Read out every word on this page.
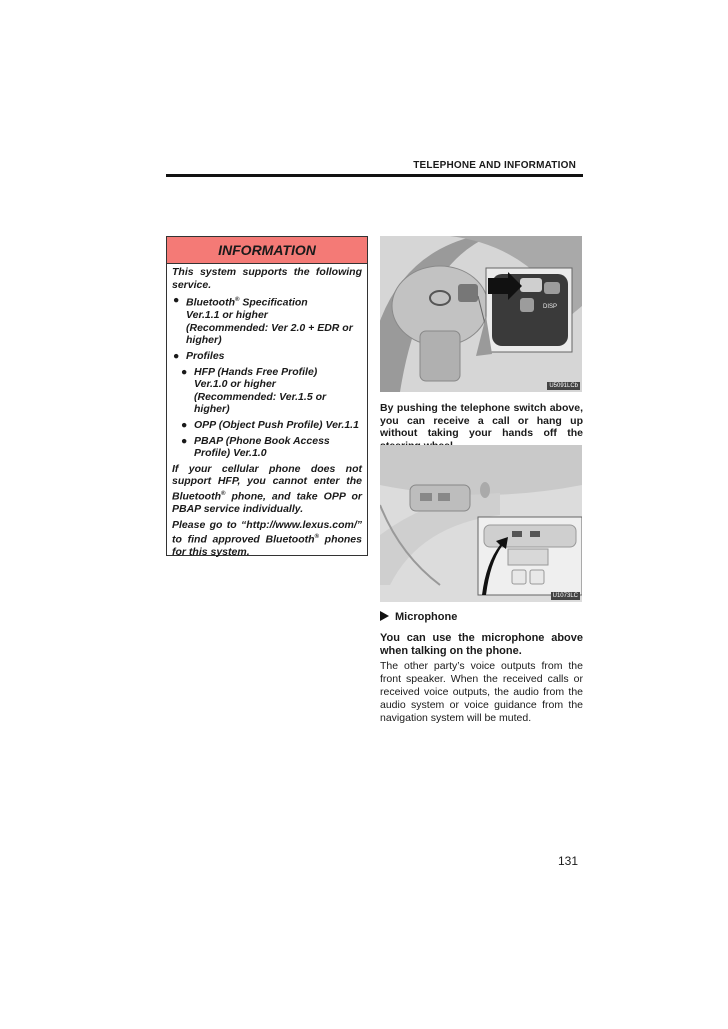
TELEPHONE AND INFORMATION
INFORMATION

This system supports the following service.

● Bluetooth® Specification
Ver.1.1 or higher
(Recommended: Ver 2.0 + EDR or higher)
● Profiles
● HFP (Hands Free Profile)
Ver.1.0 or higher
(Recommended: Ver.1.5 or higher)
● OPP (Object Push Profile) Ver.1.1
● PBAP (Phone Book Access Profile) Ver.1.0

If your cellular phone does not support HFP, you cannot enter the Bluetooth® phone, and take OPP or PBAP service individually.

Please go to “http://www.lexus.com/” to find approved Bluetooth® phones for this system.

DISP
U5091LCb
By pushing the telephone switch above, you can receive a call or hang up without taking your hands off the
U1073LC
Microphone
You can use the microphone above when talking on the phone.
The other party’s voice outputs from the front speaker. When the received calls or received voice outputs, the audio from the audio system or voice guidance from the navigation system will be muted.
131
